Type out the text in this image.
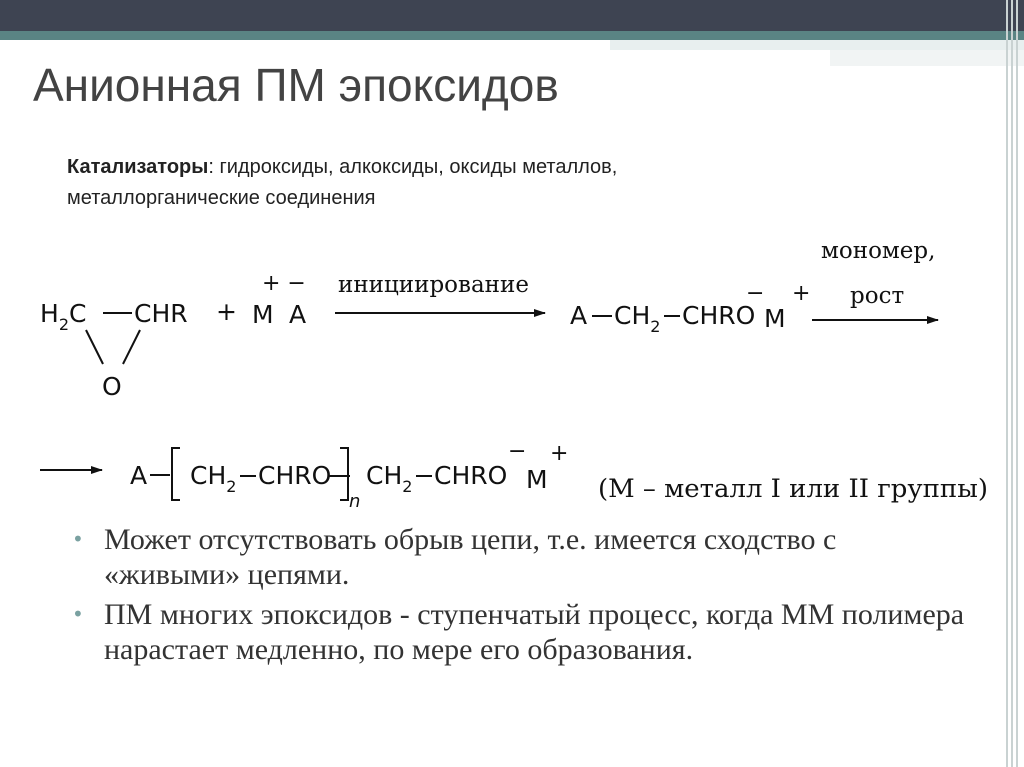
Анионная ПМ эпоксидов
Катализаторы: гидроксиды, алкоксиды, оксиды металлов,
металлорганические соединения
$H_2C$ CHR
O
+
+ −
M A
инициирование
A $CH_2$ CHRO
−
M
+
мономер,
рост
A $CH_2$ CHRO
n
$CH_2$ CHRO
−
M
+
(М – металл I или II группы)
• Может отсутствовать обрыв цепи, т.е. имеется сходство с «живыми» цепями.
• ПМ многих эпоксидов - ступенчатый процесс, когда ММ полимера нарастает медленно, по мере его образования.
